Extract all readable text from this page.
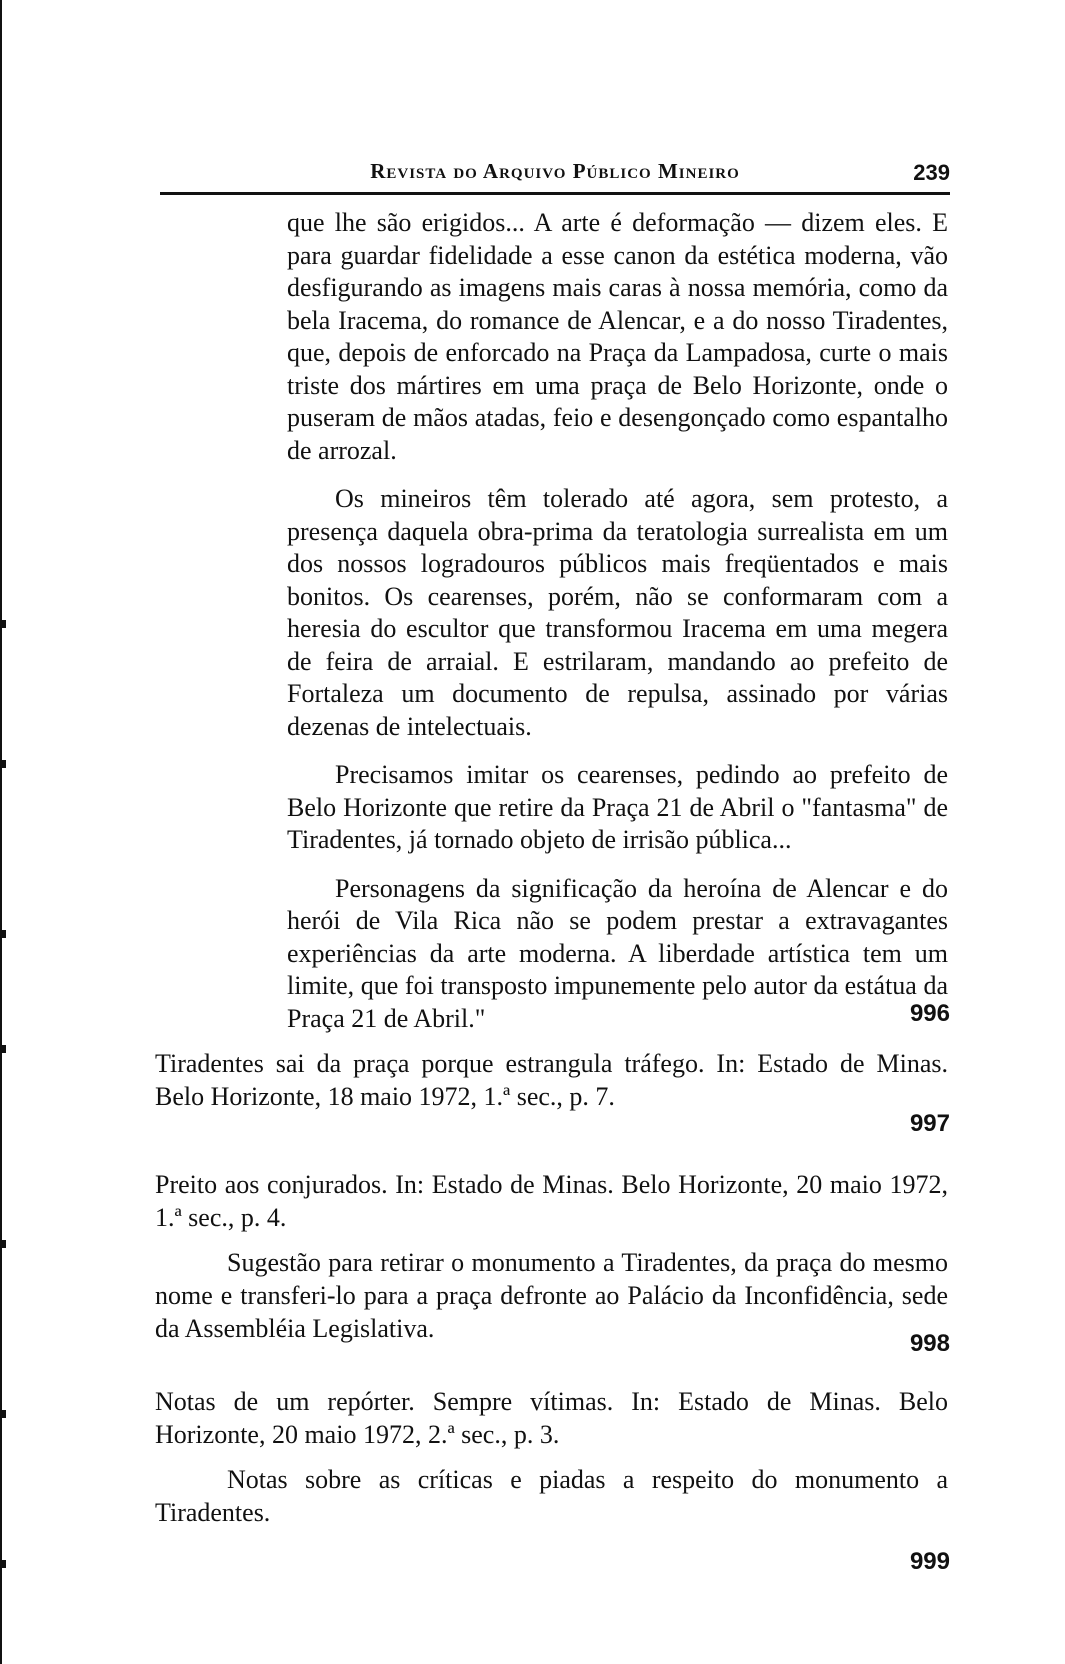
Revista do Arquivo Público Mineiro	239

que lhe são erigidos... A arte é deformação — dizem eles. E para guardar fidelidade a esse canon da estética moderna, vão desfigurando as imagens mais caras à nossa memória, como da bela Iracema, do romance de Alencar, e a do nosso Tiradentes, que, depois de enforcado na Praça da Lampadosa, curte o mais triste dos mártires em uma praça de Belo Horizonte, onde o puseram de mãos atadas, feio e desengonçado como espantalho de arrozal.

Os mineiros têm tolerado até agora, sem protesto, a presença daquela obra-prima da teratologia surrealista em um dos nossos logradouros públicos mais freqüentados e mais bonitos. Os cearenses, porém, não se conformaram com a heresia do escultor que transformou Iracema em uma megera de feira de arraial. E estrilaram, mandando ao prefeito de Fortaleza um documento de repulsa, assinado por várias dezenas de intelectuais.

Precisamos imitar os cearenses, pedindo ao prefeito de Belo Horizonte que retire da Praça 21 de Abril o "fantasma" de Tiradentes, já tornado objeto de irrisão pública...

Personagens da significação da heroína de Alencar e do herói de Vila Rica não se podem prestar a extravagantes experiências da arte moderna. A liberdade artística tem um limite, que foi transposto impunemente pelo autor da estátua da Praça 21 de Abril."	996

Tiradentes sai da praça porque estrangula tráfego. In: Estado de Minas. Belo Horizonte, 18 maio 1972, 1.ª sec., p. 7.

997

Preito aos conjurados. In: Estado de Minas. Belo Horizonte, 20 maio 1972, 1.ª sec., p. 4.

Sugestão para retirar o monumento a Tiradentes, da praça do mesmo nome e transferi-lo para a praça defronte ao Palácio da Inconfidência, sede da Assembléia Legislativa.

998

Notas de um repórter. Sempre vítimas. In: Estado de Minas. Belo Horizonte, 20 maio 1972, 2.ª sec., p. 3.

Notas sobre as críticas e piadas a respeito do monumento a Tiradentes.

999
